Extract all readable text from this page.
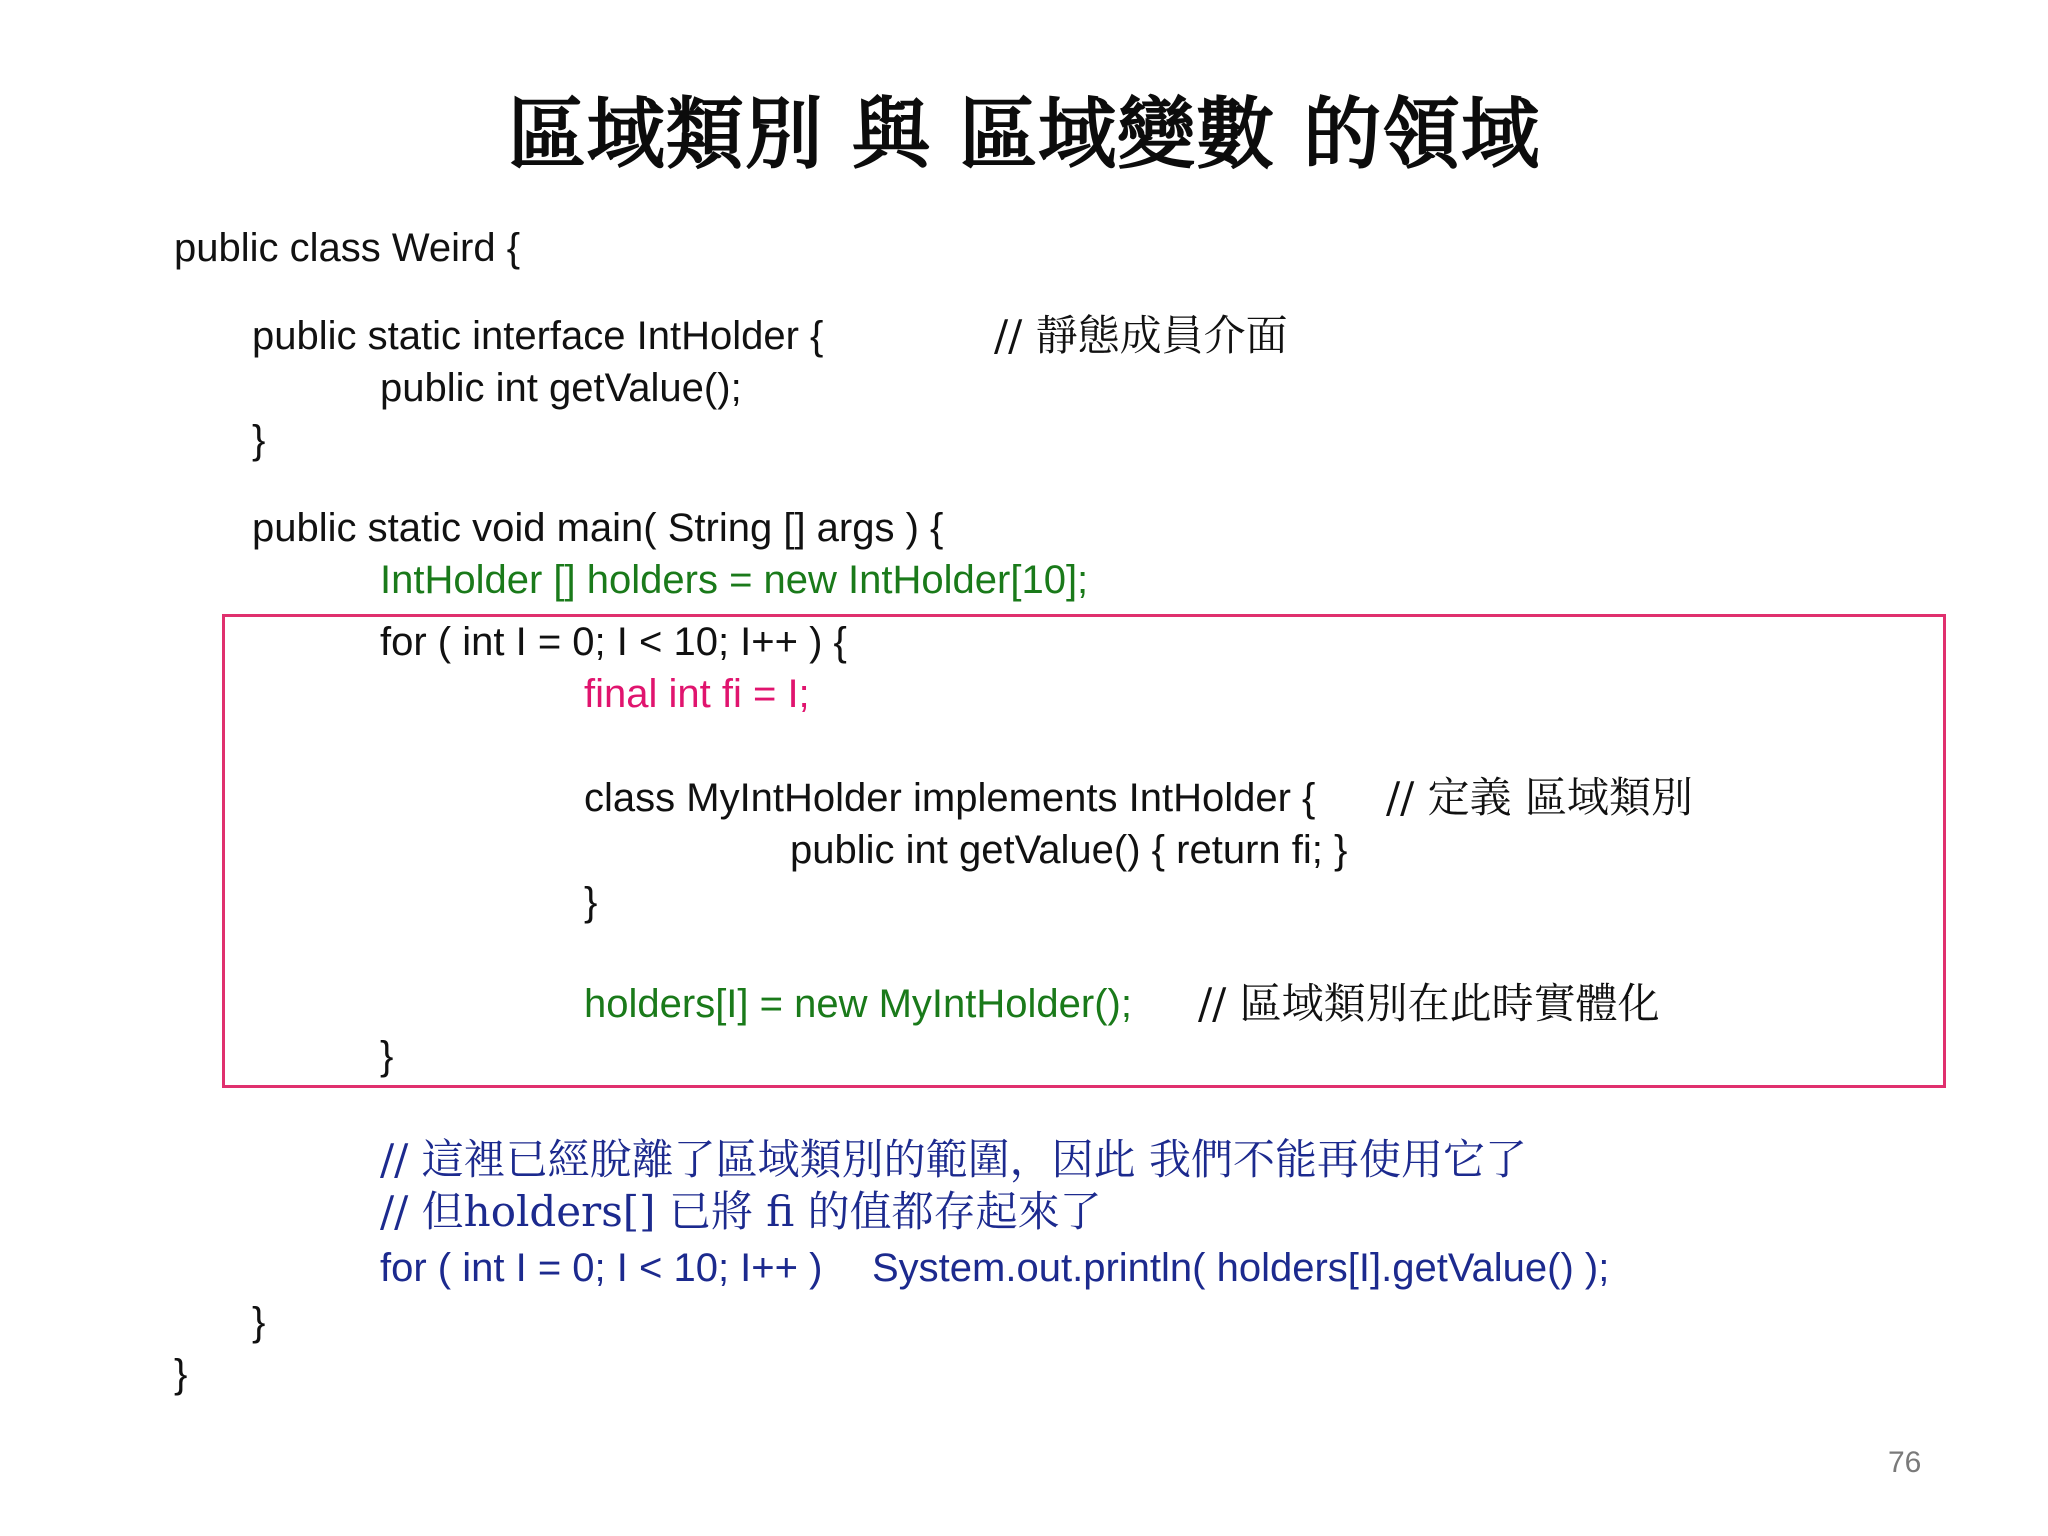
區域類別 與 區域變數 的領域
public class Weird {
public static interface IntHolder {	// 靜態成員介面
public int getValue();
}
public static void main( String [] args ) {
IntHolder [] holders = new IntHolder[10];
for ( int I = 0; I < 10; I++ ) {
final int fi = I;
class MyIntHolder implements IntHolder { // 定義 區域類別
public int getValue() { return fi; }
}
holders[I] = new MyIntHolder(); // 區域類別在此時實體化
}
// 這裡已經脫離了區域類別的範圍，因此 我們不能再使用它了
// 但holders[] 已將 fi 的值都存起來了
for ( int I = 0; I < 10; I++ ) System.out.println( holders[I].getValue() );
}
}
76
